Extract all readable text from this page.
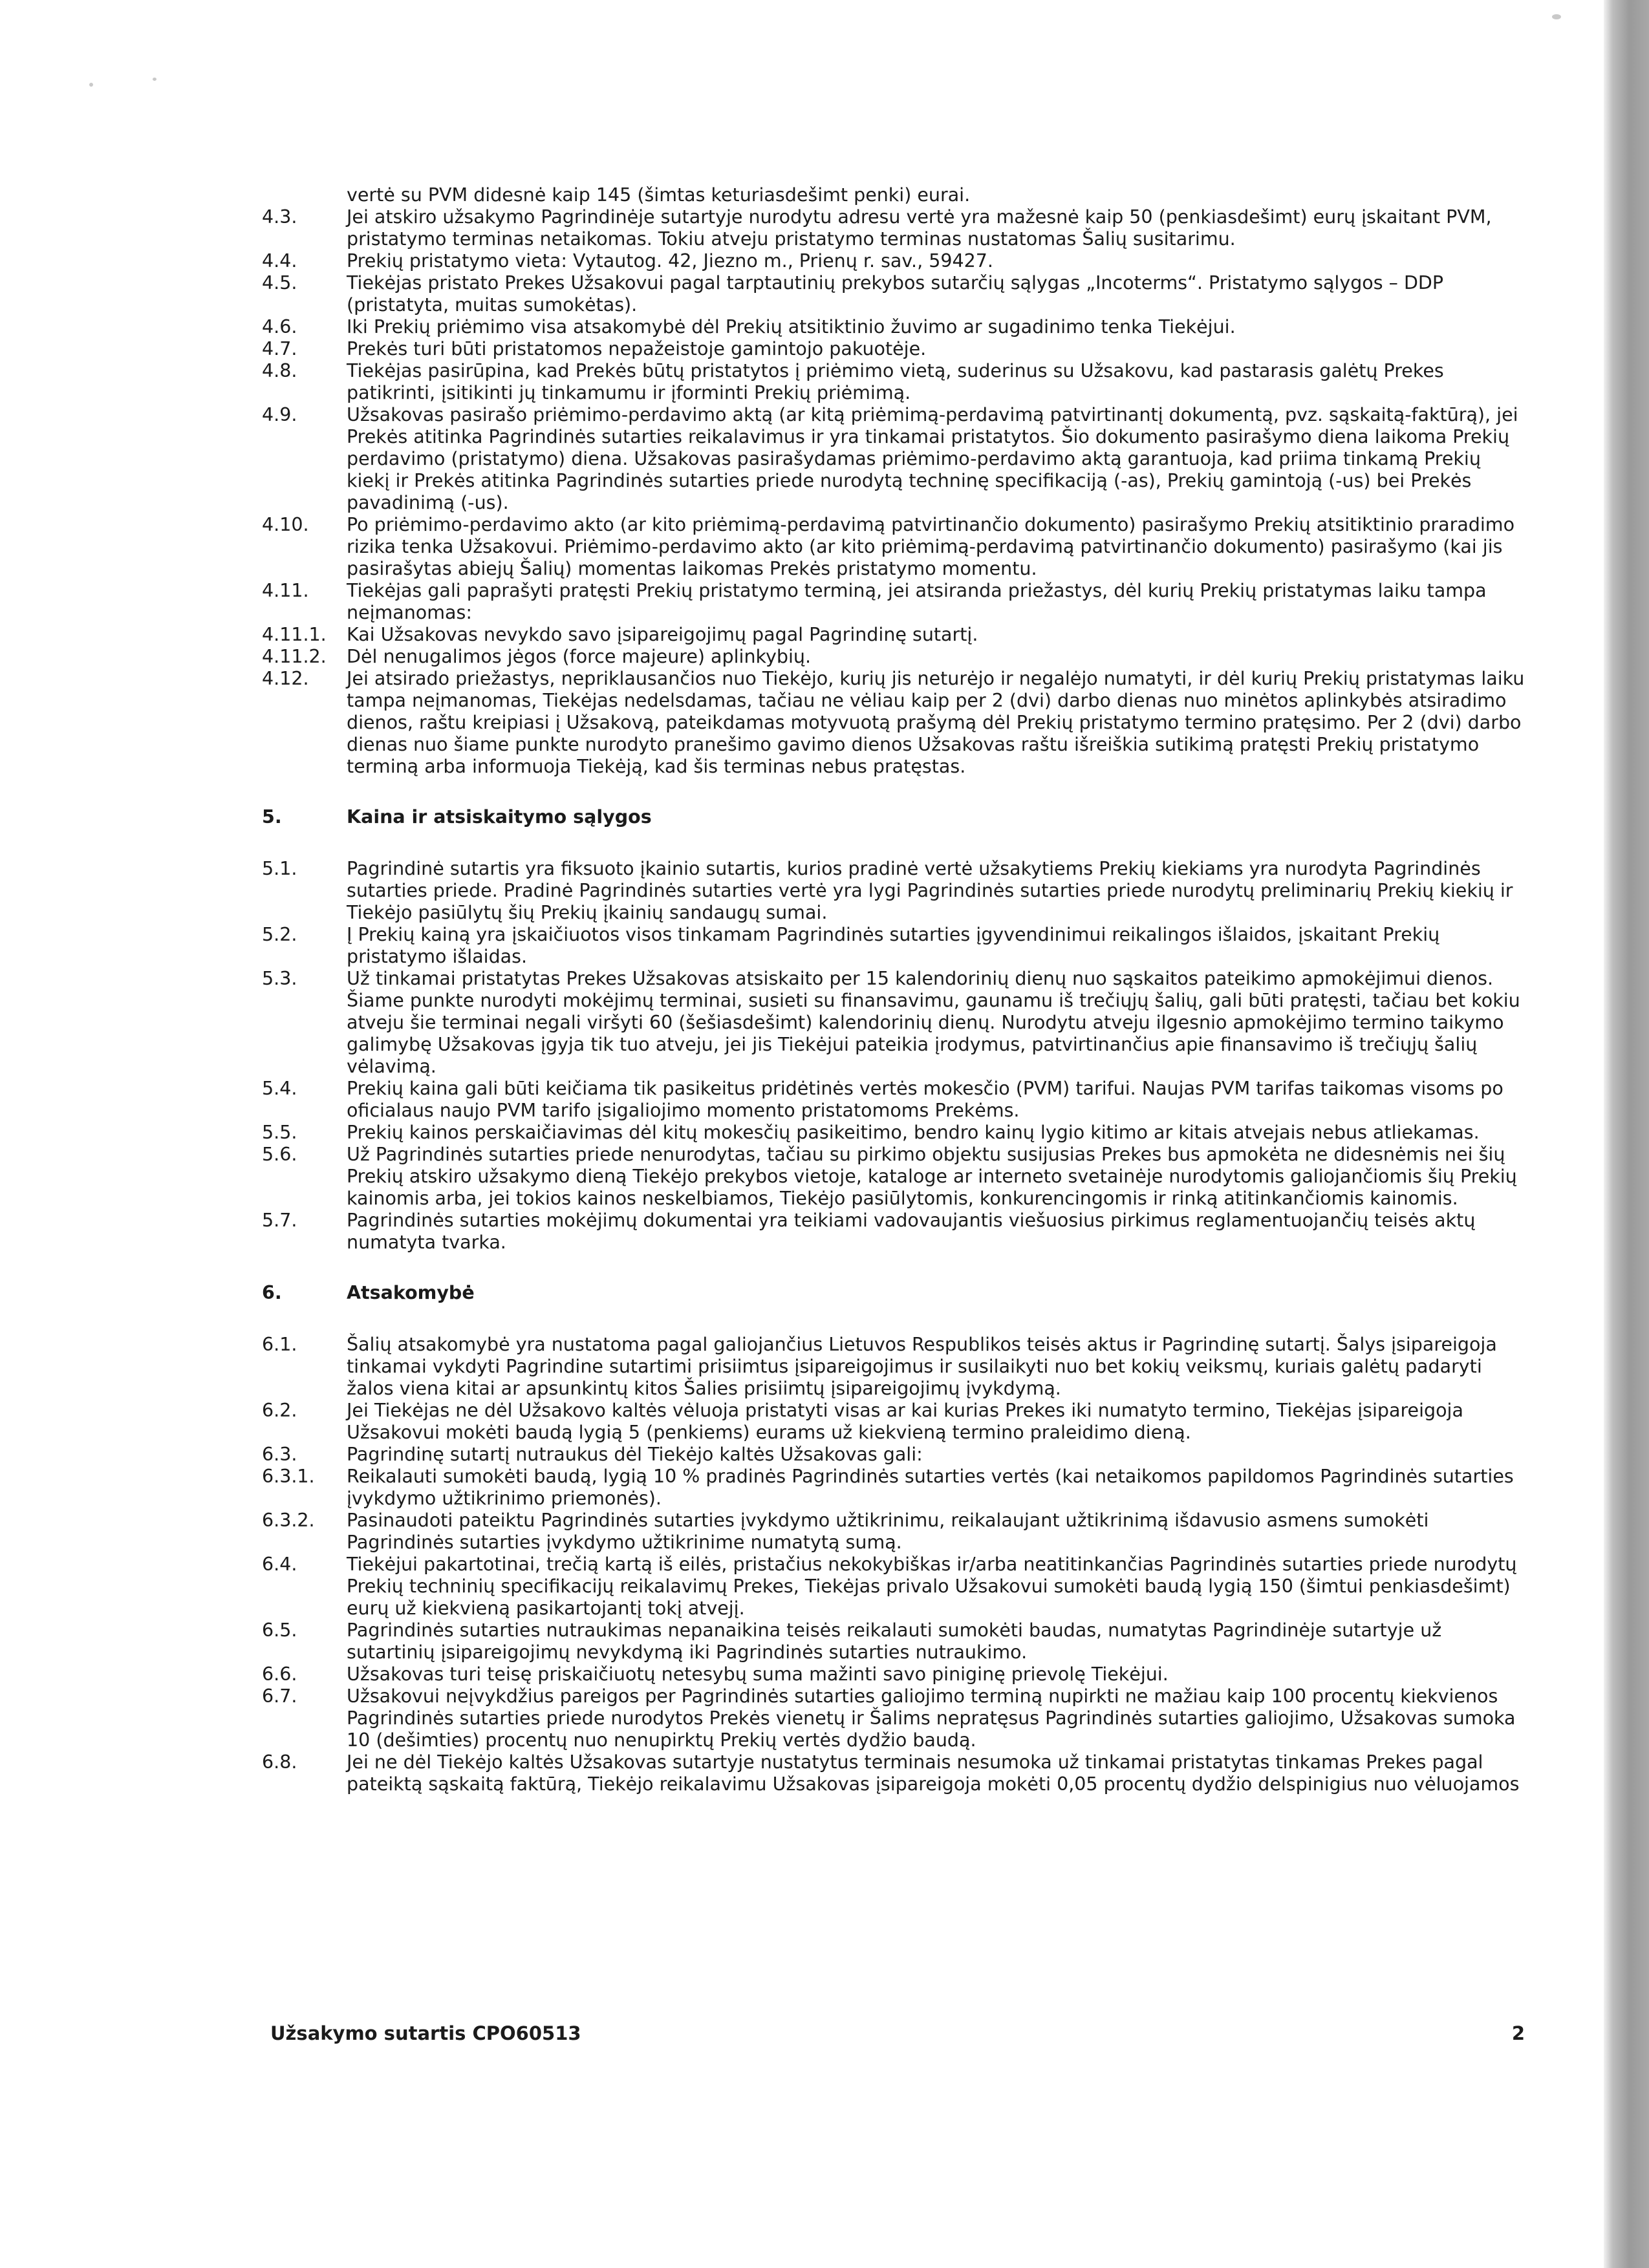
vertė su PVM didesnė kaip 145 (šimtas keturiasdešimt penki) eurai.
4.3.	Jei atskiro užsakymo Pagrindinėje sutartyje nurodytu adresu vertė yra mažesnė kaip 50 (penkiasdešimt) eurų įskaitant PVM, pristatymo terminas netaikomas. Tokiu atveju pristatymo terminas nustatomas Šalių susitarimu.
4.4.	Prekių pristatymo vieta: Vytautog. 42, Jiezno m., Prienų r. sav., 59427.
4.5.	Tiekėjas pristato Prekes Užsakovui pagal tarptautinių prekybos sutarčių sąlygas „Incoterms“. Pristatymo sąlygos – DDP (pristatyta, muitas sumokėtas).
4.6.	Iki Prekių priėmimo visa atsakomybė dėl Prekių atsitiktinio žuvimo ar sugadinimo tenka Tiekėjui.
4.7.	Prekės turi būti pristatomos nepažeistoje gamintojo pakuotėje.
4.8.	Tiekėjas pasirūpina, kad Prekės būtų pristatytos į priėmimo vietą, suderinus su Užsakovu, kad pastarasis galėtų Prekes patikrinti, įsitikinti jų tinkamumu ir įforminti Prekių priėmimą.
4.9.	Užsakovas pasirašo priėmimo-perdavimo aktą (ar kitą priėmimą-perdavimą patvirtinantį dokumentą, pvz. sąskaitą-faktūrą), jei Prekės atitinka Pagrindinės sutarties reikalavimus ir yra tinkamai pristatytos. Šio dokumento pasirašymo diena laikoma Prekių perdavimo (pristatymo) diena. Užsakovas pasirašydamas priėmimo-perdavimo aktą garantuoja, kad priima tinkamą Prekių kiekį ir Prekės atitinka Pagrindinės sutarties priede nurodytą techninę specifikaciją (-as), Prekių gamintoją (-us) bei Prekės pavadinimą (-us).
4.10. Po priėmimo-perdavimo akto (ar kito priėmimą-perdavimą patvirtinančio dokumento) pasirašymo Prekių atsitiktinio praradimo rizika tenka Užsakovui. Priėmimo-perdavimo akto (ar kito priėmimą-perdavimą patvirtinančio dokumento) pasirašymo (kai jis pasirašytas abiejų Šalių) momentas laikomas Prekės pristatymo momentu.
4.11. Tiekėjas gali paprašyti pratęsti Prekių pristatymo terminą, jei atsiranda priežastys, dėl kurių Prekių pristatymas laiku tampa neįmanomas:
4.11.1. Kai Užsakovas nevykdo savo įsipareigojimų pagal Pagrindinę sutartį.
4.11.2. Dėl nenugalimos jėgos (force majeure) aplinkybių.
4.12. Jei atsirado priežastys, nepriklausančios nuo Tiekėjo, kurių jis neturėjo ir negalėjo numatyti, ir dėl kurių Prekių pristatymas laiku tampa neįmanomas, Tiekėjas nedelsdamas, tačiau ne vėliau kaip per 2 (dvi) darbo dienas nuo minėtos aplinkybės atsiradimo dienos, raštu kreipiasi į Užsakovą, pateikdamas motyvuotą prašymą dėl Prekių pristatymo termino pratęsimo. Per 2 (dvi) darbo dienas nuo šiame punkte nurodyto pranešimo gavimo dienos Užsakovas raštu išreiškia sutikimą pratęsti Prekių pristatymo terminą arba informuoja Tiekėją, kad šis terminas nebus pratęstas.
5.	Kaina ir atsiskaitymo sąlygos
5.1.	Pagrindinė sutartis yra fiksuoto įkainio sutartis, kurios pradinė vertė užsakytiems Prekių kiekiams yra nurodyta Pagrindinės sutarties priede. Pradinė Pagrindinės sutarties vertė yra lygi Pagrindinės sutarties priede nurodytų preliminarių Prekių kiekių ir Tiekėjo pasiūlytų šių Prekių įkainių sandaugų sumai.
5.2.	Į Prekių kainą yra įskaičiuotos visos tinkamam Pagrindinės sutarties įgyvendinimui reikalingos išlaidos, įskaitant Prekių pristatymo išlaidas.
5.3.	Už tinkamai pristatytas Prekes Užsakovas atsiskaito per 15 kalendorinių dienų nuo sąskaitos pateikimo apmokėjimui dienos. Šiame punkte nurodyti mokėjimų terminai, susieti su finansavimu, gaunamu iš trečiųjų šalių, gali būti pratęsti, tačiau bet kokiu atveju šie terminai negali viršyti 60 (šešiasdešimt) kalendorinių dienų. Nurodytu atveju ilgesnio apmokėjimo termino taikymo galimybę Užsakovas įgyja tik tuo atveju, jei jis Tiekėjui pateikia įrodymus, patvirtinančius apie finansavimo iš trečiųjų šalių vėlavimą.
5.4.	Prekių kaina gali būti keičiama tik pasikeitus pridėtinės vertės mokesčio (PVM) tarifui. Naujas PVM tarifas taikomas visoms po oficialaus naujo PVM tarifo įsigaliojimo momento pristatomoms Prekėms.
5.5.	Prekių kainos perskaičiavimas dėl kitų mokesčių pasikeitimo, bendro kainų lygio kitimo ar kitais atvejais nebus atliekamas.
5.6.	Už Pagrindinės sutarties priede nenurodytas, tačiau su pirkimo objektu susijusias Prekes bus apmokėta ne didesnėmis nei šių Prekių atskiro užsakymo dieną Tiekėjo prekybos vietoje, kataloge ar interneto svetainėje nurodytomis galiojančiomis šių Prekių kainomis arba, jei tokios kainos neskelbiamos, Tiekėjo pasiūlytomis, konkurencingomis ir rinką atitinkančiomis kainomis.
5.7.	Pagrindinės sutarties mokėjimų dokumentai yra teikiami vadovaujantis viešuosius pirkimus reglamentuojančių teisės aktų numatyta tvarka.
6.	Atsakomybė
6.1.	Šalių atsakomybė yra nustatoma pagal galiojančius Lietuvos Respublikos teisės aktus ir Pagrindinę sutartį. Šalys įsipareigoja tinkamai vykdyti Pagrindine sutartimi prisiimtus įsipareigojimus ir susilaikyti nuo bet kokių veiksmų, kuriais galėtų padaryti žalos viena kitai ar apsunkintų kitos Šalies prisiimtų įsipareigojimų įvykdymą.
6.2.	Jei Tiekėjas ne dėl Užsakovo kaltės vėluoja pristatyti visas ar kai kurias Prekes iki numatyto termino, Tiekėjas įsipareigoja Užsakovui mokėti baudą lygią 5 (penkiems) eurams už kiekvieną termino praleidimo dieną.
6.3.	Pagrindinę sutartį nutraukus dėl Tiekėjo kaltės Užsakovas gali:
6.3.1. Reikalauti sumokėti baudą, lygią 10 % pradinės Pagrindinės sutarties vertės (kai netaikomos papildomos Pagrindinės sutarties įvykdymo užtikrinimo priemonės).
6.3.2. Pasinaudoti pateiktu Pagrindinės sutarties įvykdymo užtikrinimu, reikalaujant užtikrinimą išdavusio asmens sumokėti Pagrindinės sutarties įvykdymo užtikrinime numatytą sumą.
6.4.	Tiekėjui pakartotinai, trečią kartą iš eilės, pristačius nekokybiškas ir/arba neatitinkančias Pagrindinės sutarties priede nurodytų Prekių techninių specifikacijų reikalavimų Prekes, Tiekėjas privalo Užsakovui sumokėti baudą lygią 150 (šimtui penkiasdešimt) eurų už kiekvieną pasikartojantį tokį atvejį.
6.5.	Pagrindinės sutarties nutraukimas nepanaikina teisės reikalauti sumokėti baudas, numatytas Pagrindinėje sutartyje už sutartinių įsipareigojimų nevykdymą iki Pagrindinės sutarties nutraukimo.
6.6.	Užsakovas turi teisę priskaičiuotų netesybų suma mažinti savo piniginę prievolę Tiekėjui.
6.7.	Užsakovui neįvykdžius pareigos per Pagrindinės sutarties galiojimo terminą nupirkti ne mažiau kaip 100 procentų kiekvienos Pagrindinės sutarties priede nurodytos Prekės vienetų ir Šalims nepratęsus Pagrindinės sutarties galiojimo, Užsakovas sumoka 10 (dešimties) procentų nuo nenupirktų Prekių vertės dydžio baudą.
6.8.	Jei ne dėl Tiekėjo kaltės Užsakovas sutartyje nustatytus terminais nesumoka už tinkamai pristatytas tinkamas Prekes pagal pateiktą sąskaitą faktūrą, Tiekėjo reikalavimu Užsakovas įsipareigoja mokėti 0,05 procentų dydžio delspinigius nuo vėluojamos
Užsakymo sutartis CPO60513	2
